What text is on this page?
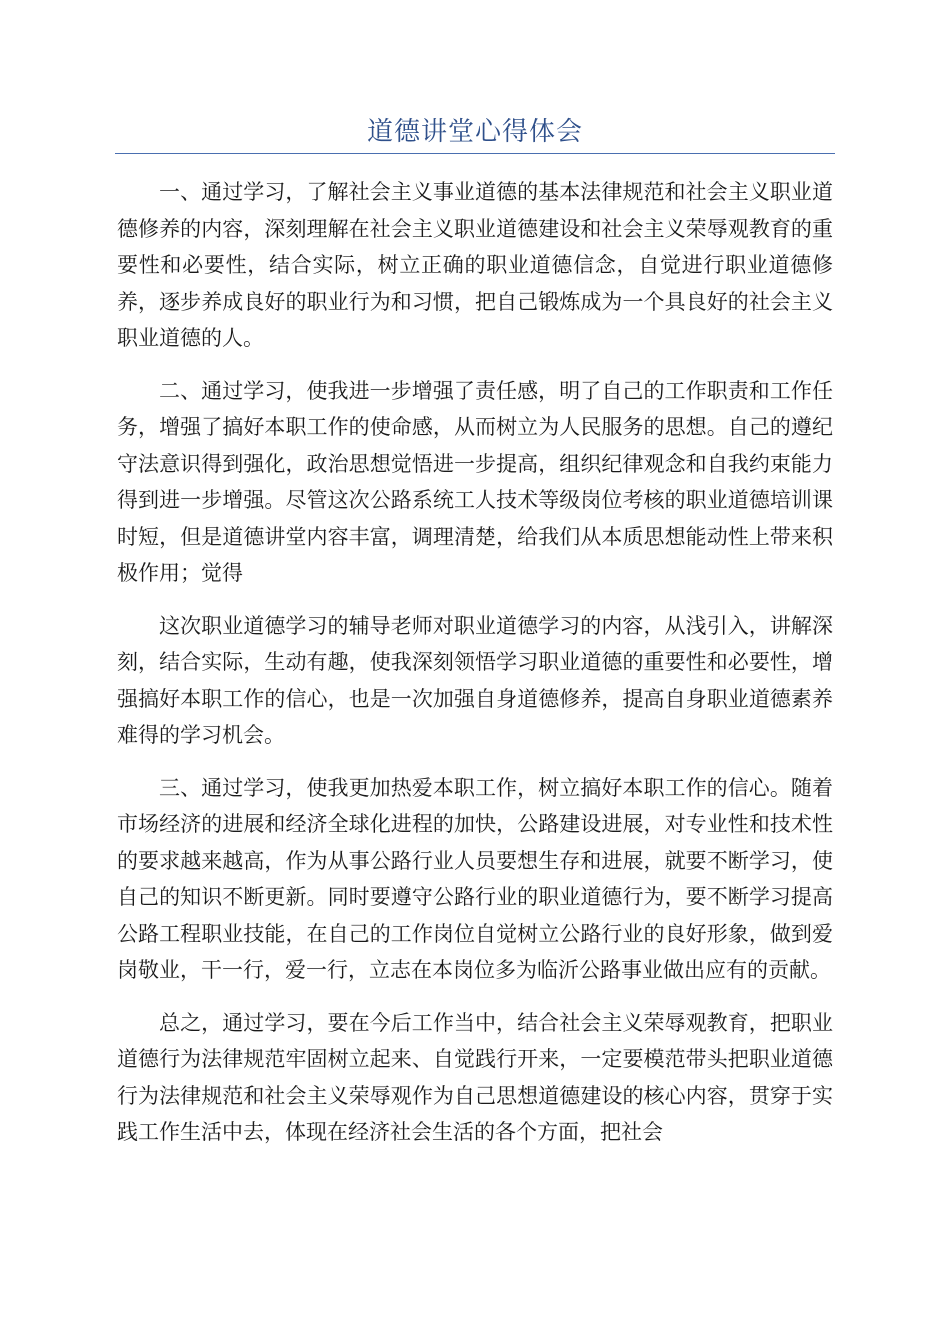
道德讲堂心得体会

一、通过学习，了解社会主义事业道德的基本法律规范和社会主义职业道德修养的内容，深刻理解在社会主义职业道德建设和社会主义荣辱观教育的重要性和必要性，结合实际，树立正确的职业道德信念，自觉进行职业道德修养，逐步养成良好的职业行为和习惯，把自己锻炼成为一个具良好的社会主义职业道德的人。

二、通过学习，使我进一步增强了责任感，明了自己的工作职责和工作任务，增强了搞好本职工作的使命感，从而树立为人民服务的思想。自己的遵纪守法意识得到强化，政治思想觉悟进一步提高，组织纪律观念和自我约束能力得到进一步增强。尽管这次公路系统工人技术等级岗位考核的职业道德培训课时短，但是道德讲堂内容丰富，调理清楚，给我们从本质思想能动性上带来积极作用；觉得

这次职业道德学习的辅导老师对职业道德学习的内容，从浅引入，讲解深刻，结合实际，生动有趣，使我深刻领悟学习职业道德的重要性和必要性，增强搞好本职工作的信心，也是一次加强自身道德修养，提高自身职业道德素养难得的学习机会。

三、通过学习，使我更加热爱本职工作，树立搞好本职工作的信心。随着市场经济的进展和经济全球化进程的加快，公路建设进展，对专业性和技术性的要求越来越高，作为从事公路行业人员要想生存和进展，就要不断学习，使自己的知识不断更新。同时要遵守公路行业的职业道德行为，要不断学习提高公路工程职业技能，在自己的工作岗位自觉树立公路行业的良好形象，做到爱岗敬业，干一行，爱一行，立志在本岗位多为临沂公路事业做出应有的贡献。

总之，通过学习，要在今后工作当中，结合社会主义荣辱观教育，把职业道德行为法律规范牢固树立起来、自觉践行开来，一定要模范带头把职业道德行为法律规范和社会主义荣辱观作为自己思想道德建设的核心内容，贯穿于实践工作生活中去，体现在经济社会生活的各个方面，把社会
